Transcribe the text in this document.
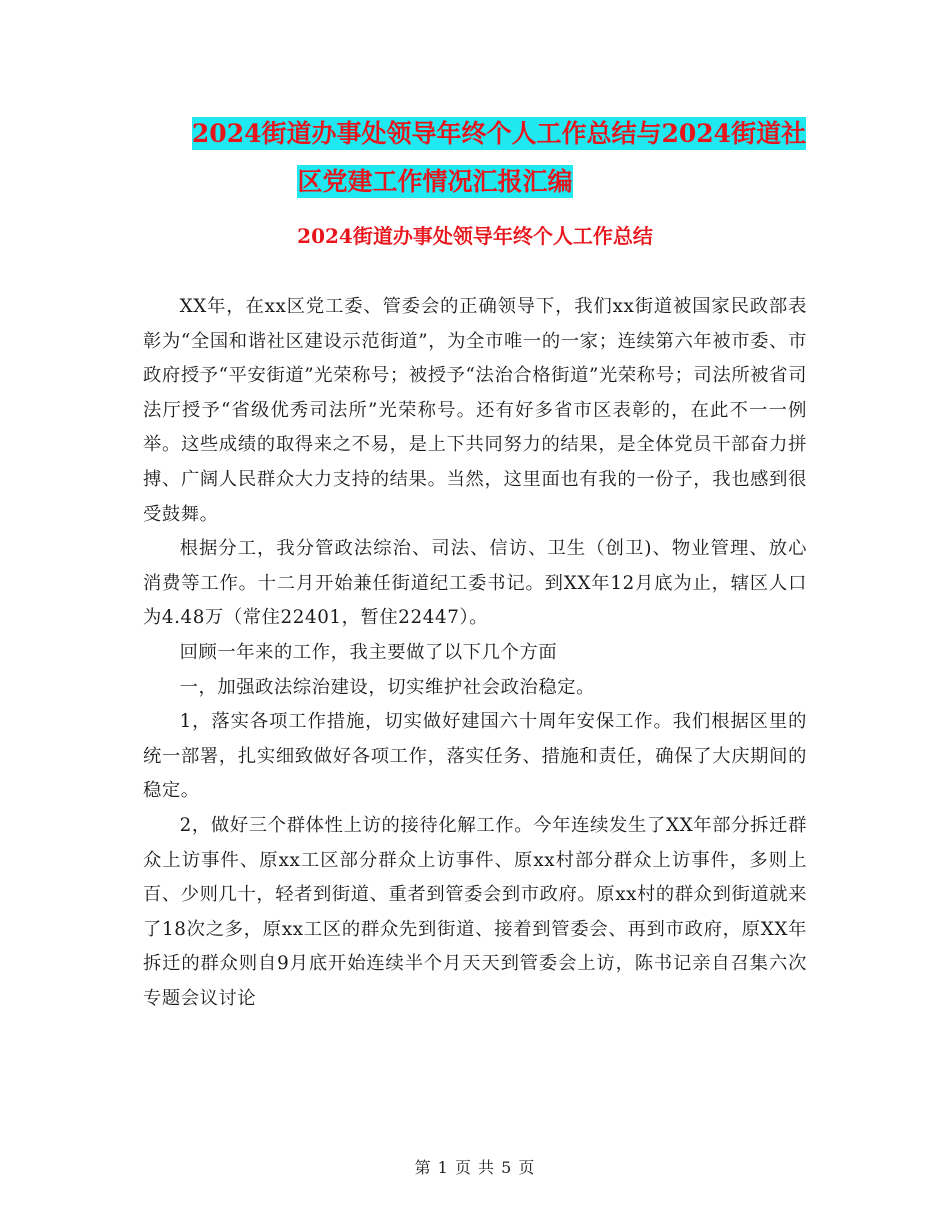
2024街道办事处领导年终个人工作总结与2024街道社
区党建工作情况汇报汇编
2024街道办事处领导年终个人工作总结

XX年，在xx区党工委、管委会的正确领导下，我们xx街道被国家民政部表彰为“全国和谐社区建设示范街道”，为全市唯一的一家；连续第六年被市委、市政府授予“平安街道”光荣称号；被授予“法治合格街道”光荣称号；司法所被省司法厅授予“省级优秀司法所”光荣称号。还有好多省市区表彰的，在此不一一例举。这些成绩的取得来之不易，是上下共同努力的结果，是全体党员干部奋力拼搏、广阔人民群众大力支持的结果。当然，这里面也有我的一份子，我也感到很受鼓舞。

根据分工，我分管政法综治、司法、信访、卫生（创卫)、物业管理、放心消费等工作。十二月开始兼任街道纪工委书记。到XX年12月底为止，辖区人口为4.48万（常住22401，暂住22447）。

回顾一年来的工作，我主要做了以下几个方面

一，加强政法综治建设，切实维护社会政治稳定。

1，落实各项工作措施，切实做好建国六十周年安保工作。我们根据区里的统一部署，扎实细致做好各项工作，落实任务、措施和责任，确保了大庆期间的稳定。

2，做好三个群体性上访的接待化解工作。今年连续发生了XX年部分拆迁群众上访事件、原xx工区部分群众上访事件、原xx村部分群众上访事件，多则上百、少则几十，轻者到街道、重者到管委会到市政府。原xx村的群众到街道就来了18次之多，原xx工区的群众先到街道、接着到管委会、再到市政府，原XX年拆迁的群众则自9月底开始连续半个月天天到管委会上访，陈书记亲自召集六次专题会议讨论

第 1 页 共 5 页
